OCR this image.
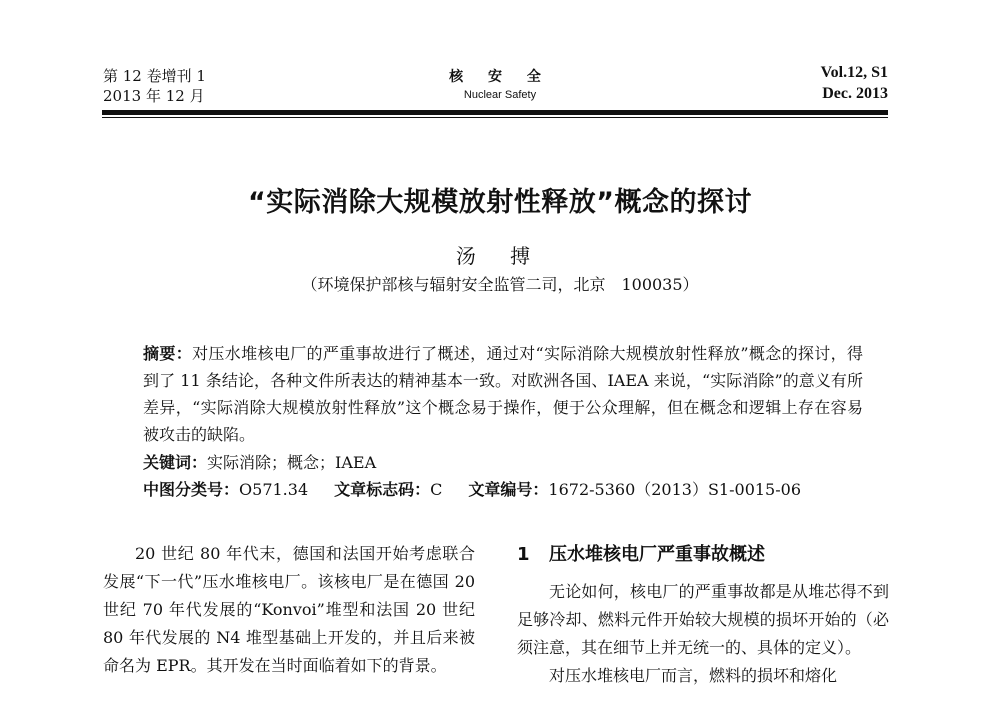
第 12 卷增刊 1
2013 年 12 月
核 安 全
Nuclear Safety
Vol.12, S1
Dec. 2013
“实际消除大规模放射性释放”概念的探讨
汤 搏
（环境保护部核与辐射安全监管二司，北京　100035）
摘要：对压水堆核电厂的严重事故进行了概述，通过对“实际消除大规模放射性释放”概念的探讨，得到了 11 条结论，各种文件所表达的精神基本一致。对欧洲各国、IAEA 来说，“实际消除”的意义有所差异，“实际消除大规模放射性释放”这个概念易于操作，便于公众理解，但在概念和逻辑上存在容易被攻击的缺陷。
关键词：实际消除；概念；IAEA
中图分类号：O571.34 文章标志码：C 文章编号：1672-5360（2013）S1-0015-06

20 世纪 80 年代末，德国和法国开始考虑联合发展“下一代”压水堆核电厂。该核电厂是在德国 20 世纪 70 年代发展的“Konvoi”堆型和法国 20 世纪 80 年代发展的 N4 堆型基础上开发的，并且后来被命名为 EPR。其开发在当时面临着如下的背景。

1 压水堆核电厂严重事故概述

无论如何，核电厂的严重事故都是从堆芯得不到足够冷却、燃料元件开始较大规模的损坏开始的（必须注意，其在细节上并无统一的、具体的定义）。

对压水堆核电厂而言，燃料的损坏和熔化
